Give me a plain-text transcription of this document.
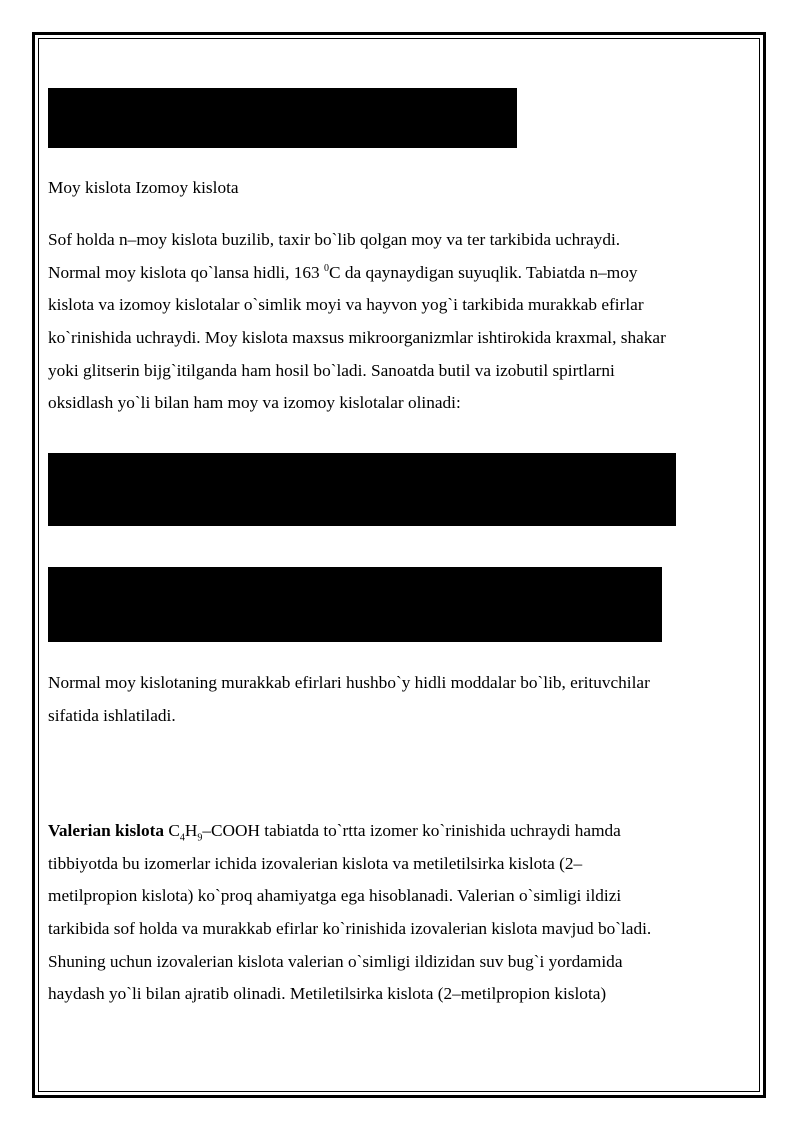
Moy kislota Izomoy kislota

Sof holda n–moy kislota buzilib, taxir bo`lib qolgan moy va ter tarkibida uchraydi.
Normal moy kislota qo`lansa hidli, 163 $^0$C da qaynaydigan suyuqlik. Tabiatda n–moy
kislota va izomoy kislotalar o`simlik moyi va hayvon yog`i tarkibida murakkab efirlar
ko`rinishida uchraydi. Moy kislota maxsus mikroorganizmlar ishtirokida kraxmal, shakar
yoki glitserin bijg`itilganda ham hosil bo`ladi. Sanoatda butil va izobutil spirtlarni
oksidlash yo`li bilan ham moy va izomoy kislotalar olinadi:
Normal moy kislotaning murakkab efirlari hushbo`y hidli moddalar bo`lib, erituvchilar
sifatida ishlatiladi.
Valerian kislota $C_4H_9$–COOH tabiatda to`rtta izomer ko`rinishida uchraydi hamda
tibbiyotda bu izomerlar ichida izovalerian kislota va metiletilsirka kislota (2–
metilpropion kislota) ko`proq ahamiyatga ega hisoblanadi. Valerian o`simligi ildizi
tarkibida sof holda va murakkab efirlar ko`rinishida izovalerian kislota mavjud bo`ladi.
Shuning uchun izovalerian kislota valerian o`simligi ildizidan suv bug`i yordamida
haydash yo`li bilan ajratib olinadi. Metiletilsirka kislota (2–metilpropion kislota)
